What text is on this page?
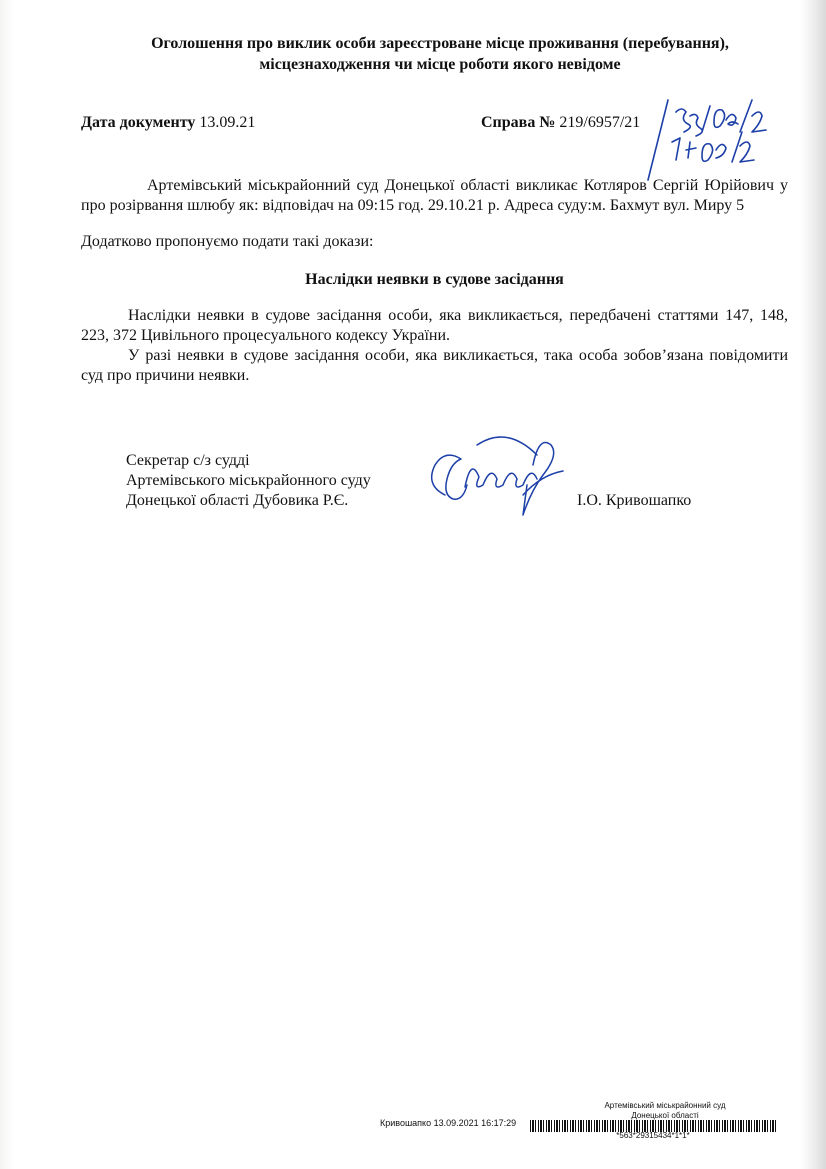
Оголошення про виклик особи зареєстроване місце проживання (перебування),
місцезнаходження чи місце роботи якого невідоме
Дата документу 13.09.21	Справа № 219/6957/21
Артемівський міськрайонний суд Донецької області викликає Котляров Сергій Юрійович у про розірвання шлюбу як: відповідач на 09:15 год. 29.10.21 р. Адреса суду:м. Бахмут вул. Миру 5
Додатково пропонуємо подати такі докази:
Наслідки неявки в судове засідання
Наслідки неявки в судове засідання особи, яка викликається, передбачені статтями 147, 148, 223, 372 Цивільного процесуального кодексу України.
У разі неявки в судове засідання особи, яка викликається, така особа зобов’язана повідомити суд про причини неявки.
Секретар с/з судді
Артемівського міськрайонного суду
Донецької області Дубовика Р.Є.	І.О. Кривошапко
Артемівський міськрайонний суд
Донецької області
Кривошапко 13.09.2021 16:17:29
*563*29315434*1*1*
